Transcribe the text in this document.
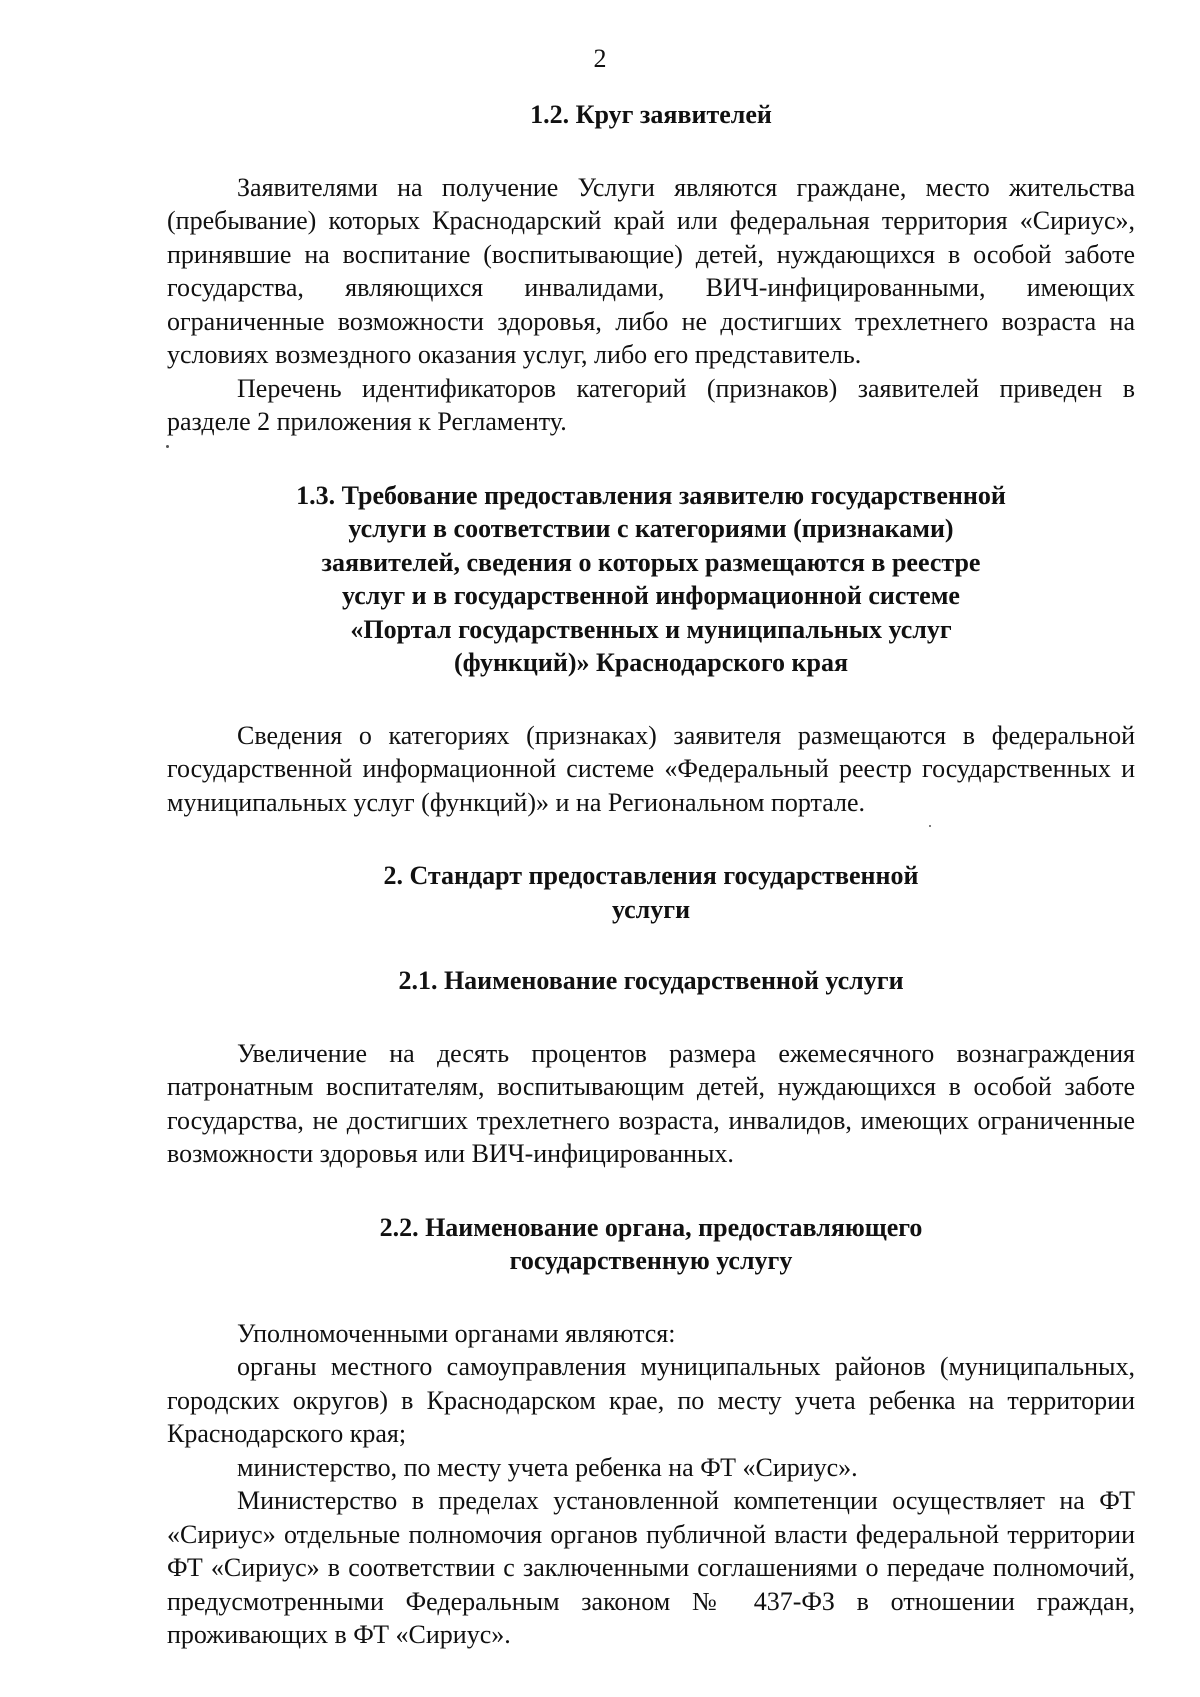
2
1.2. Круг заявителей

Заявителями на получение Услуги являются граждане, место жительства (пребывание) которых Краснодарский край или федеральная территория «Сириус», принявшие на воспитание (воспитывающие) детей, нуждающихся в особой заботе государства, являющихся инвалидами, ВИЧ-инфицированными, имеющих ограниченные возможности здоровья, либо не достигших трехлетнего возраста на условиях возмездного оказания услуг, либо его представитель.

Перечень идентификаторов категорий (признаков) заявителей приведен в разделе 2 приложения к Регламенту.

1.3. Требование предоставления заявителю государственной
услуги в соответствии с категориями (признаками)
заявителей, сведения о которых размещаются в реестре
услуг и в государственной информационной системе
«Портал государственных и муниципальных услуг
(функций)» Краснодарского края

Сведения о категориях (признаках) заявителя размещаются в федеральной государственной информационной системе «Федеральный реестр государственных и муниципальных услуг (функций)» и на Региональном портале.

2. Стандарт предоставления государственной
услуги
2.1. Наименование государственной услуги

Увеличение на десять процентов размера ежемесячного вознаграждения патронатным воспитателям, воспитывающим детей, нуждающихся в особой заботе государства, не достигших трехлетнего возраста, инвалидов, имеющих ограниченные возможности здоровья или ВИЧ-инфицированных.

2.2. Наименование органа, предоставляющего
государственную услугу

Уполномоченными органами являются:

органы местного самоуправления муниципальных районов (муниципальных, городских округов) в Краснодарском крае, по месту учета ребенка на территории Краснодарского края;

министерство, по месту учета ребенка на ФТ «Сириус».

Министерство в пределах установленной компетенции осуществляет на ФТ «Сириус» отдельные полномочия органов публичной власти федеральной территории ФТ «Сириус» в соответствии с заключенными соглашениями о передаче полномочий, предусмотренными Федеральным законом № 437-ФЗ в отношении граждан, проживающих в ФТ «Сириус».
